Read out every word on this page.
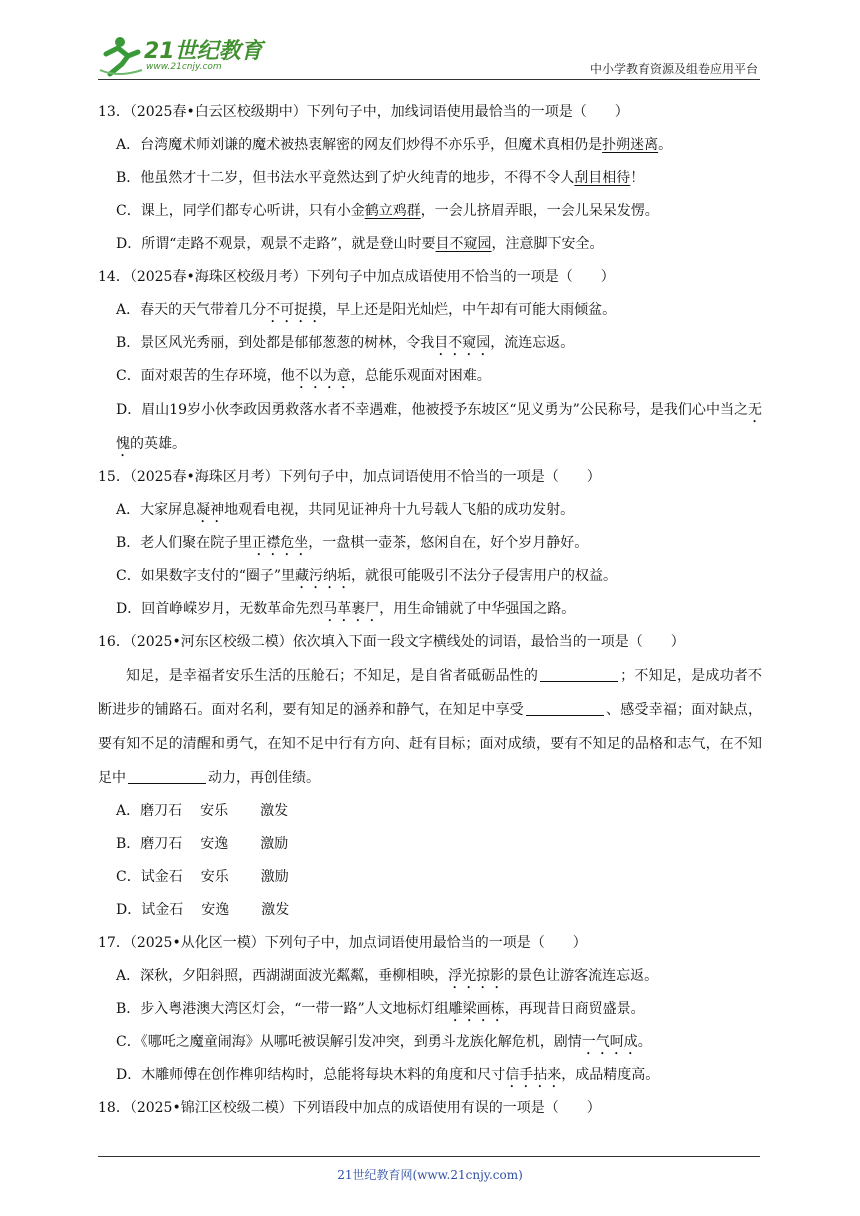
21世纪教育
www.21cnjy.com	中小学教育资源及组卷应用平台
13．（2025春•白云区校级期中）下列句子中，加线词语使用最恰当的一项是（　　）
A．台湾魔术师刘谦的魔术被热衷解密的网友们炒得不亦乐乎，但魔术真相仍是扑朔迷离。
B．他虽然才十二岁，但书法水平竟然达到了炉火纯青的地步，不得不令人刮目相待！
C．课上，同学们都专心听讲，只有小金鹤立鸡群，一会儿挤眉弄眼，一会儿呆呆发愣。
D．所谓“走路不观景，观景不走路”，就是登山时要目不窥园，注意脚下安全。
14．（2025春•海珠区校级月考）下列句子中加点成语使用不恰当的一项是（　　）
A．春天的天气带着几分不可捉摸，早上还是阳光灿烂，中午却有可能大雨倾盆。
B．景区风光秀丽，到处都是郁郁葱葱的树林，令我目不窥园，流连忘返。
C．面对艰苦的生存环境，他不以为意，总能乐观面对困难。
D．眉山19岁小伙李政因勇救落水者不幸遇难，他被授予东坡区“见义勇为”公民称号，是我们心中当之无愧的英雄。
15．（2025春•海珠区月考）下列句子中，加点词语使用不恰当的一项是（　　）
A．大家屏息凝神地观看电视，共同见证神舟十九号载人飞船的成功发射。
B．老人们聚在院子里正襟危坐，一盘棋一壶茶，悠闲自在，好个岁月静好。
C．如果数字支付的“圈子”里藏污纳垢，就很可能吸引不法分子侵害用户的权益。
D．回首峥嵘岁月，无数革命先烈马革裹尸，用生命铺就了中华强国之路。
16．（2025•河东区校级二模）依次填入下面一段文字横线处的词语，最恰当的一项是（　　）
知足，是幸福者安乐生活的压舱石；不知足，是自省者砥砺品性的	；不知足，是成功者不断进步的铺路石。面对名利，要有知足的涵养和静气，在知足中享受	、感受幸福；面对缺点，要有知不足的清醒和勇气，在知不足中行有方向、赶有目标；面对成绩，要有不知足的品格和志气，在不知足中	动力，再创佳绩。
A．磨刀石 安乐 激发
B．磨刀石 安逸 激励
C．试金石 安乐 激励
D．试金石 安逸 激发
17．（2025•从化区一模）下列句子中，加点词语使用最恰当的一项是（　　）
A．深秋，夕阳斜照，西湖湖面波光粼粼，垂柳相映，浮光掠影的景色让游客流连忘返。
B．步入粤港澳大湾区灯会，“一带一路”人文地标灯组雕梁画栋，再现昔日商贸盛景。
C．《哪吒之魔童闹海》从哪吒被误解引发冲突，到勇斗龙族化解危机，剧情一气呵成。
D．木雕师傅在创作榫卯结构时，总能将每块木料的角度和尺寸信手拈来，成品精度高。
18．（2025•锦江区校级二模）下列语段中加点的成语使用有误的一项是（　　）
21世纪教育网(www.21cnjy.com)
